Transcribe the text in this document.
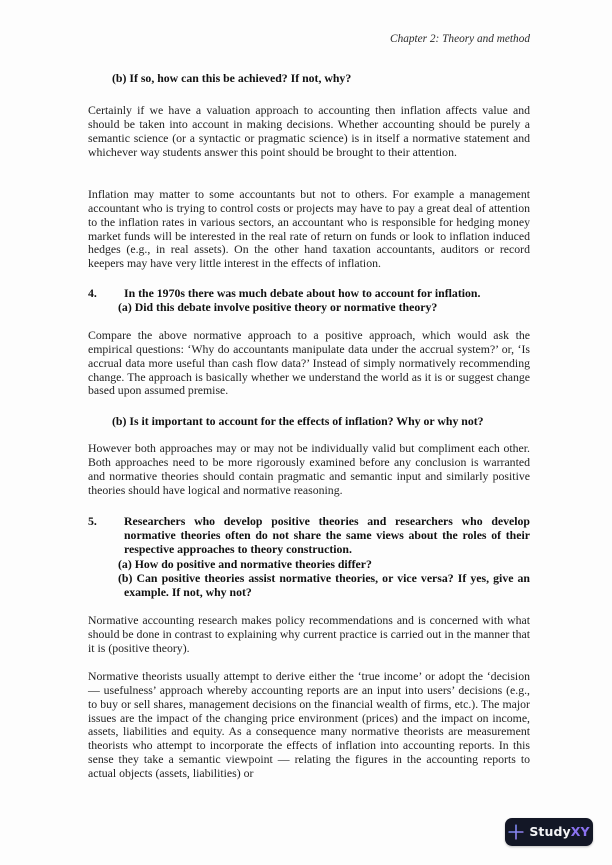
Chapter 2: Theory and method
(b) If so, how can this be achieved? If not, why?

Certainly if we have a valuation approach to accounting then inflation affects value and should be taken into account in making decisions. Whether accounting should be purely a semantic science (or a syntactic or pragmatic science) is in itself a normative statement and whichever way students answer this point should be brought to their attention.

Inflation may matter to some accountants but not to others. For example a management accountant who is trying to control costs or projects may have to pay a great deal of attention to the inflation rates in various sectors, an accountant who is responsible for hedging money market funds will be interested in the real rate of return on funds or look to inflation induced hedges (e.g., in real assets). On the other hand taxation accountants, auditors or record keepers may have very little interest in the effects of inflation.

4.	In the 1970s there was much debate about how to account for inflation.
(a) Did this debate involve positive theory or normative theory?

Compare the above normative approach to a positive approach, which would ask the empirical questions: ‘Why do accountants manipulate data under the accrual system?’ or, ‘Is accrual data more useful than cash flow data?’ Instead of simply normatively recommending change. The approach is basically whether we understand the world as it is or suggest change based upon assumed premise.

(b) Is it important to account for the effects of inflation? Why or why not?

However both approaches may or may not be individually valid but compliment each other. Both approaches need to be more rigorously examined before any conclusion is warranted and normative theories should contain pragmatic and semantic input and similarly positive theories should have logical and normative reasoning.

5.	Researchers who develop positive theories and researchers who develop normative theories often do not share the same views about the roles of their respective approaches to theory construction.
(a) How do positive and normative theories differ?
(b) Can positive theories assist normative theories, or vice versa? If yes, give an example. If not, why not?

Normative accounting research makes policy recommendations and is concerned with what should be done in contrast to explaining why current practice is carried out in the manner that it is (positive theory).

Normative theorists usually attempt to derive either the ‘true income’ or adopt the ‘decision — usefulness’ approach whereby accounting reports are an input into users’ decisions (e.g., to buy or sell shares, management decisions on the financial wealth of firms, etc.). The major issues are the impact of the changing price environment (prices) and the impact on income, assets, liabilities and equity. As a consequence many normative theorists are measurement theorists who attempt to incorporate the effects of inflation into accounting reports. In this sense they take a semantic viewpoint — relating the figures in the accounting reports to actual objects (assets, liabilities) or

StudyXY
